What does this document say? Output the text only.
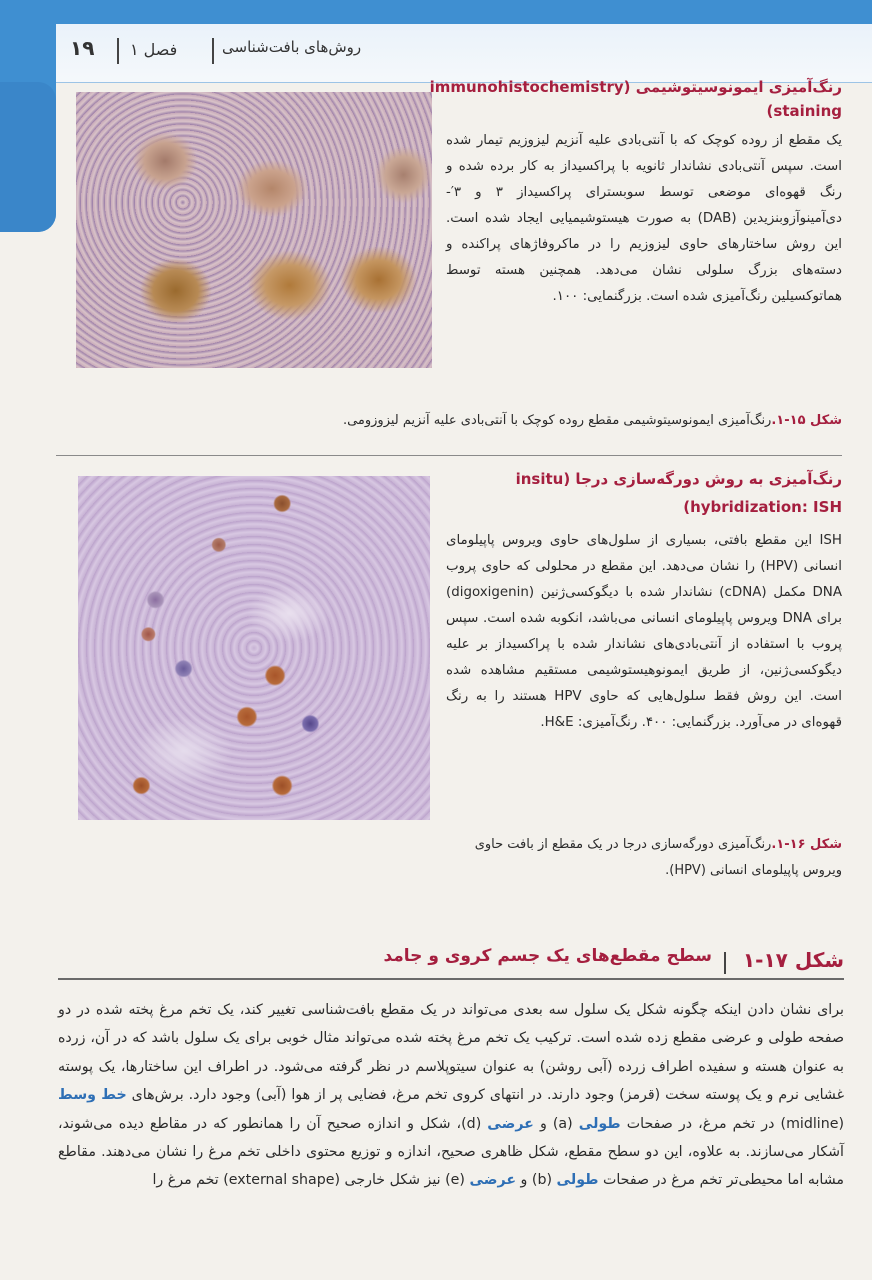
۱۹ فصل ۱	روش‌های بافت‌شناسی
رنگ‌آمیزی ایمونوسیتوشیمی (immunohistochemistry
staining)

یک مقطع از روده کوچک که با آنتی‌بادی علیه آنزیم لیزوزیم تیمار شده است. سپس آنتی‌بادی نشاندار ثانویه با پراکسیداز به کار برده شده و رنگ قهوه‌ای موضعی توسط سوبسترای پراکسیداز ۳ و ۳′-دی‌آمینوآزوبنزیدین (DAB) به صورت هیستوشیمیایی ایجاد شده است. این روش ساختارهای حاوی لیزوزیم را در ماکروفاژهای پراکنده و دسته‌های بزرگ سلولی نشان می‌دهد. همچنین هسته توسط هماتوکسیلین رنگ‌آمیزی شده است. بزرگنمایی: ۱۰۰.

شکل ۱۵-۱.رنگ‌آمیزی ایمونوسیتوشیمی مقطع روده کوچک با آنتی‌بادی علیه آنزیم لیزوزومی.

رنگ‌آمیزی به روش دورگه‌سازی درجا (insitu
hybridization: ISH)

ISH این مقطع بافتی، بسیاری از سلول‌های حاوی ویروس پاپیلومای انسانی (HPV) را نشان می‌دهد. این مقطع در محلولی که حاوی پروب DNA مکمل (cDNA) نشاندار شده با دیگوکسی‌ژنین (digoxigenin) برای DNA ویروس پاپیلومای انسانی می‌باشد، انکوبه شده است. سپس پروب با استفاده از آنتی‌بادی‌های نشاندار شده با پراکسیداز بر علیه دیگوکسی‌ژنین، از طریق ایمونوهیستوشیمی مستقیم مشاهده شده است. این روش فقط سلول‌هایی که حاوی HPV هستند را به رنگ قهوه‌ای در می‌آورد. بزرگنمایی: ۴۰۰. رنگ‌آمیزی: H&E.

شکل ۱۶-۱.رنگ‌آمیزی دورگه‌سازی درجا در یک مقطع از بافت حاوی ویروس پاپیلومای انسانی (HPV).

شکل ۱۷-۱
سطح مقطع‌های یک جسم کروی و جامد

برای نشان دادن اینکه چگونه شکل یک سلول سه بعدی می‌تواند در یک مقطع بافت‌شناسی تغییر کند، یک تخم مرغ پخته شده در دو صفحه طولی و عرضی مقطع زده شده است. ترکیب یک تخم مرغ پخته شده می‌تواند مثال خوبی برای یک سلول باشد که در آن، زرده به عنوان هسته و سفیده اطراف زرده (آبی روشن) به عنوان سیتوپلاسم در نظر گرفته می‌شود. در اطراف این ساختارها، یک پوسته غشایی نرم و یک پوسته سخت (قرمز) وجود دارند. در انتهای کروی تخم مرغ، فضایی پر از هوا (آبی) وجود دارد. برش‌های خط وسط (midline) در تخم مرغ، در صفحات طولی (a) و عرضی (d)، شکل و اندازه صحیح آن را همانطور که در مقاطع دیده می‌شوند، آشکار می‌سازند. به علاوه، این دو سطح مقطع، شکل ظاهری صحیح، اندازه و توزیع محتوی داخلی تخم مرغ را نشان می‌دهند. مقاطع مشابه اما محیطی‌تر تخم مرغ در صفحات طولی (b) و عرضی (e) نیز شکل خارجی (external shape) تخم مرغ را
